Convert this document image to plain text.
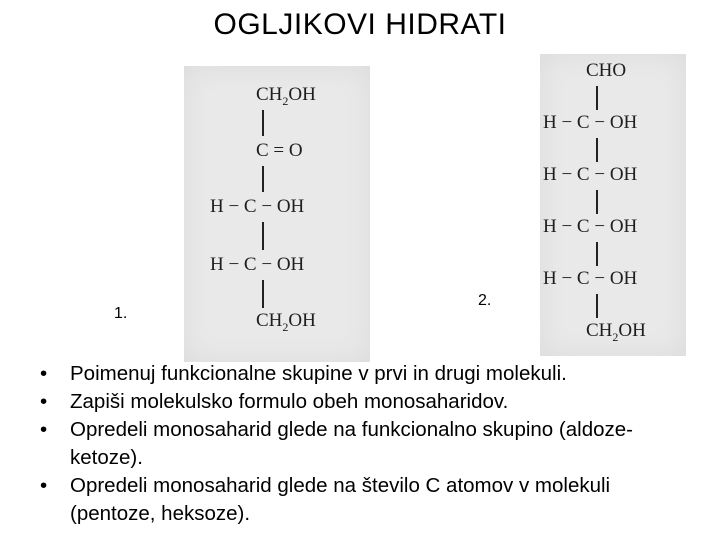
OGLJIKOVI HIDRATI
1.
$CH_2OH$
C = O
H − C − OH
H − C − OH
$CH_2OH$
2.
CHO
H − C − OH
H − C − OH
H − C − OH
H − C − OH
$CH_2OH$
• Poimenuj funkcionalne skupine v prvi in drugi molekuli.
• Zapiši molekulsko formulo obeh monosaharidov.
• Opredeli monosaharid glede na funkcionalno skupino (aldoze-ketoze).
• Opredeli monosaharid glede na število C atomov v molekuli (pentoze, heksoze).
